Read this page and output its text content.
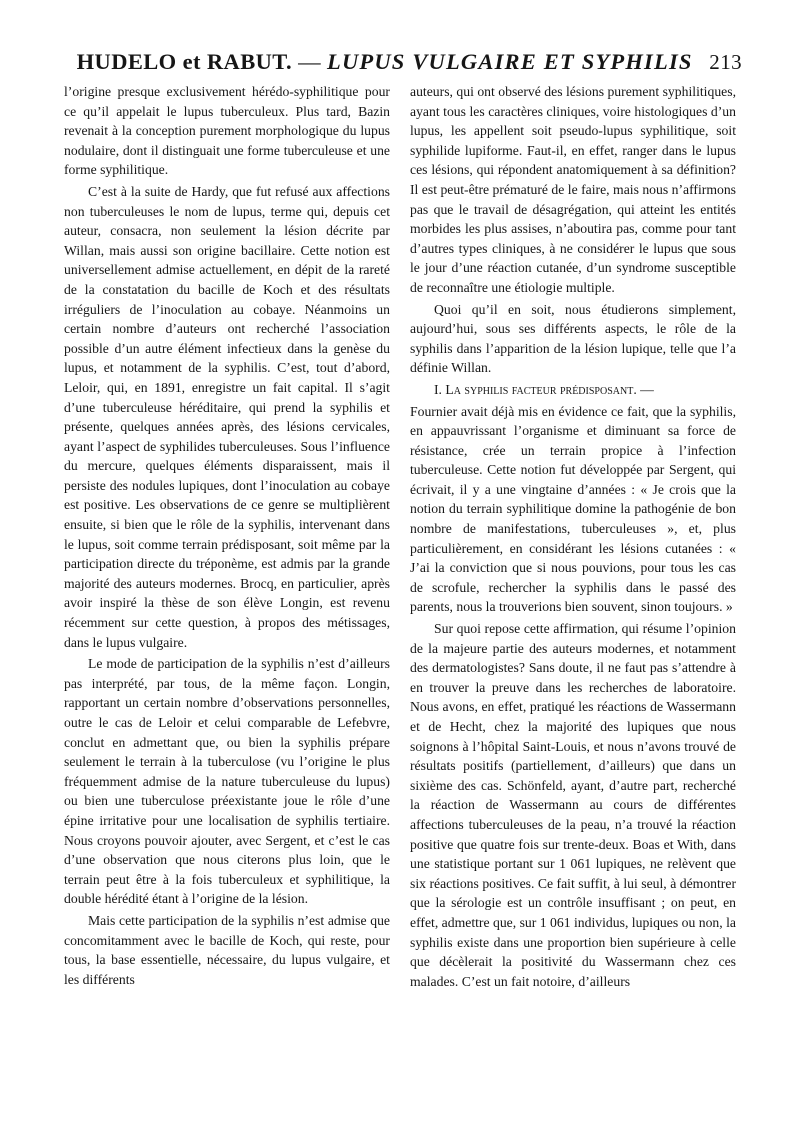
HUDELO et RABUT. — LUPUS VULGAIRE ET SYPHILIS 213

l’origine presque exclusivement hérédo-syphilitique pour ce qu’il appelait le lupus tuberculeux. Plus tard, Bazin revenait à la conception purement morphologique du lupus nodulaire, dont il distinguait une forme tuberculeuse et une forme syphilitique.

C’est à la suite de Hardy, que fut refusé aux affections non tuberculeuses le nom de lupus, terme qui, depuis cet auteur, consacra, non seulement la lésion décrite par Willan, mais aussi son origine bacillaire. Cette notion est universellement admise actuellement, en dépit de la rareté de la constatation du bacille de Koch et des résultats irréguliers de l’inoculation au cobaye. Néanmoins un certain nombre d’auteurs ont recherché l’association possible d’un autre élément infectieux dans la genèse du lupus, et notamment de la syphilis. C’est, tout d’abord, Leloir, qui, en 1891, enregistre un fait capital. Il s’agit d’une tuberculeuse héréditaire, qui prend la syphilis et présente, quelques années après, des lésions cervicales, ayant l’aspect de syphilides tuberculeuses. Sous l’influence du mercure, quelques éléments disparaissent, mais il persiste des nodules lupiques, dont l’inoculation au cobaye est positive. Les observations de ce genre se multiplièrent ensuite, si bien que le rôle de la syphilis, intervenant dans le lupus, soit comme terrain prédisposant, soit même par la participation directe du tréponème, est admis par la grande majorité des auteurs modernes. Brocq, en particulier, après avoir inspiré la thèse de son élève Longin, est revenu récemment sur cette question, à propos des métissages, dans le lupus vulgaire.

Le mode de participation de la syphilis n’est d’ailleurs pas interprété, par tous, de la même façon. Longin, rapportant un certain nombre d’observations personnelles, outre le cas de Leloir et celui comparable de Lefebvre, conclut en admettant que, ou bien la syphilis prépare seulement le terrain à la tuberculose (vu l’origine le plus fréquemment admise de la nature tuberculeuse du lupus) ou bien une tuberculose préexistante joue le rôle d’une épine irritative pour une localisation de syphilis tertiaire. Nous croyons pouvoir ajouter, avec Sergent, et c’est le cas d’une observation que nous citerons plus loin, que le terrain peut être à la fois tuberculeux et syphilitique, la double hérédité étant à l’origine de la lésion.

Mais cette participation de la syphilis n’est admise que concomitamment avec le bacille de Koch, qui reste, pour tous, la base essentielle, nécessaire, du lupus vulgaire, et les différents

auteurs, qui ont observé des lésions purement syphilitiques, ayant tous les caractères cliniques, voire histologiques d’un lupus, les appellent soit pseudo-lupus syphilitique, soit syphilide lupiforme. Faut-il, en effet, ranger dans le lupus ces lésions, qui répondent anatomiquement à sa définition? Il est peut-être prématuré de le faire, mais nous n’affirmons pas que le travail de désagrégation, qui atteint les entités morbides les plus assises, n’aboutira pas, comme pour tant d’autres types cliniques, à ne considérer le lupus que sous le jour d’une réaction cutanée, d’un syndrome susceptible de reconnaître une étiologie multiple.

Quoi qu’il en soit, nous étudierons simplement, aujourd’hui, sous ses différents aspects, le rôle de la syphilis dans l’apparition de la lésion lupique, telle que l’a définie Willan.

I. La syphilis facteur prédisposant. —

Fournier avait déjà mis en évidence ce fait, que la syphilis, en appauvrissant l’organisme et diminuant sa force de résistance, crée un terrain propice à l’infection tuberculeuse. Cette notion fut développée par Sergent, qui écrivait, il y a une vingtaine d’années : « Je crois que la notion du terrain syphilitique domine la pathogénie de bon nombre de manifestations, tuberculeuses », et, plus particulièrement, en considérant les lésions cutanées : « J’ai la conviction que si nous pouvions, pour tous les cas de scrofule, rechercher la syphilis dans le passé des parents, nous la trouverions bien souvent, sinon toujours. »

Sur quoi repose cette affirmation, qui résume l’opinion de la majeure partie des auteurs modernes, et notamment des dermatologistes? Sans doute, il ne faut pas s’attendre à en trouver la preuve dans les recherches de laboratoire. Nous avons, en effet, pratiqué les réactions de Wassermann et de Hecht, chez la majorité des lupiques que nous soignons à l’hôpital Saint-Louis, et nous n’avons trouvé de résultats positifs (partiellement, d’ailleurs) que dans un sixième des cas. Schönfeld, ayant, d’autre part, recherché la réaction de Wassermann au cours de différentes affections tuberculeuses de la peau, n’a trouvé la réaction positive que quatre fois sur trente-deux. Boas et With, dans une statistique portant sur 1 061 lupiques, ne relèvent que six réactions positives. Ce fait suffit, à lui seul, à démontrer que la sérologie est un contrôle insuffisant ; on peut, en effet, admettre que, sur 1 061 individus, lupiques ou non, la syphilis existe dans une proportion bien supérieure à celle que décèlerait la positivité du Wassermann chez ces malades. C’est un fait notoire, d’ailleurs
